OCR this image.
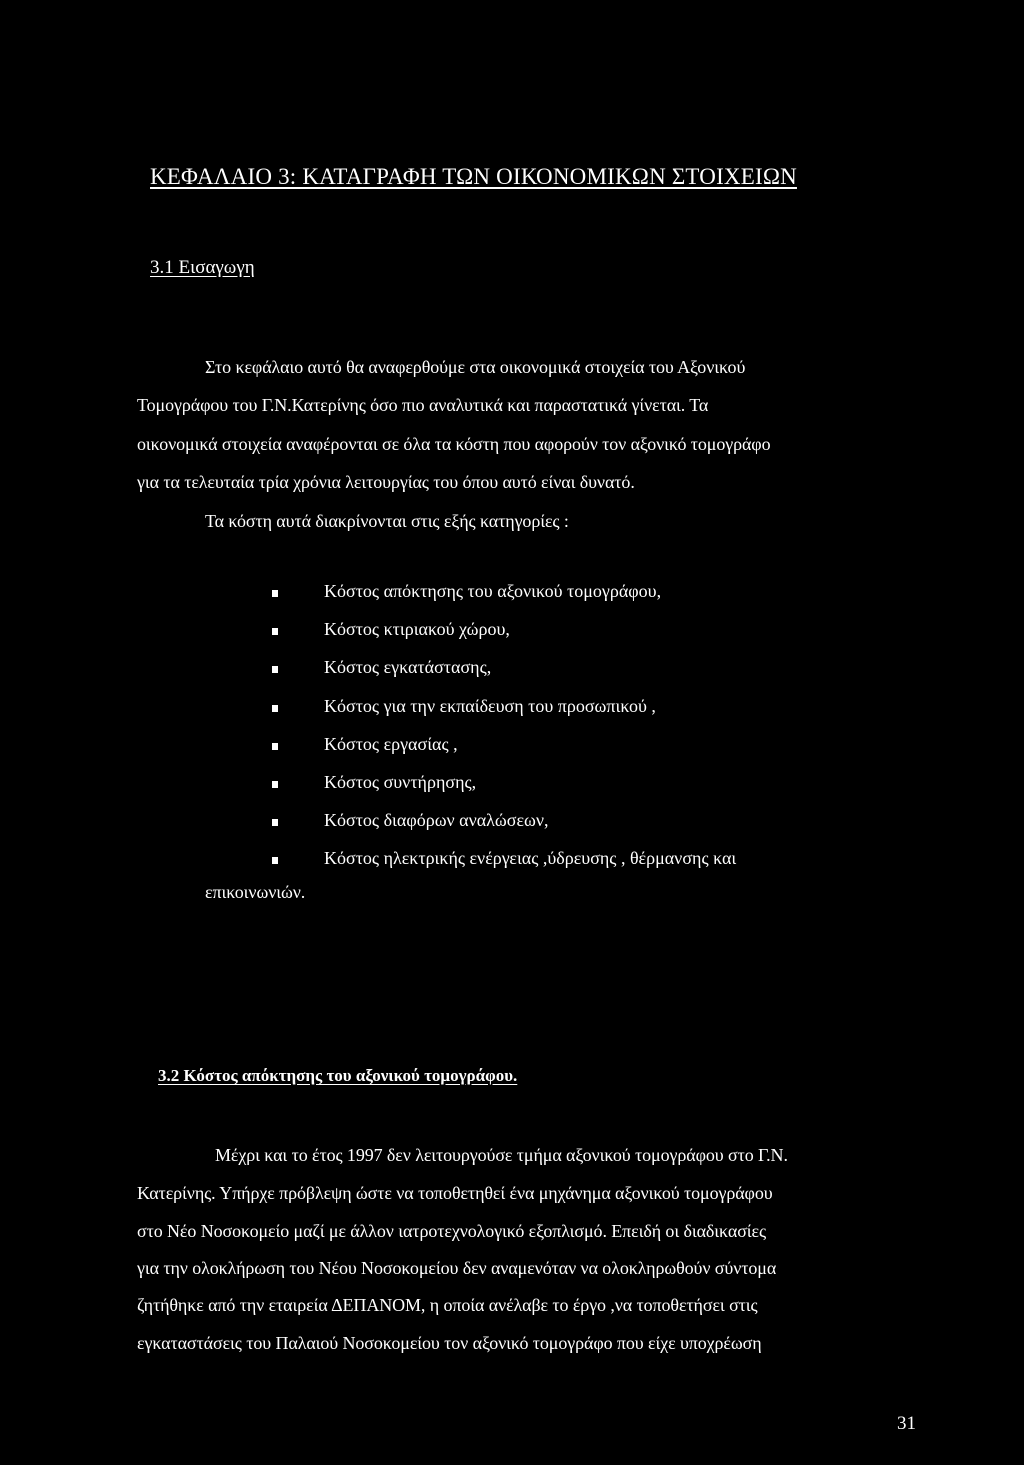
ΚΕΦΑΛΑΙΟ 3: ΚΑΤΑΓΡΑΦΗ ΤΩΝ ΟΙΚΟΝΟΜΙΚΩΝ ΣΤΟΙΧΕΙΩΝ
3.1 Εισαγωγη
Στο κεφάλαιο αυτό θα αναφερθούμε στα οικονομικά στοιχεία του Αξονικού
Τομογράφου του Γ.Ν.Κατερίνης όσο πιο αναλυτικά και παραστατικά γίνεται. Τα
οικονομικά στοιχεία αναφέρονται σε όλα τα κόστη που αφορούν τον αξονικό τομογράφο
για τα τελευταία τρία χρόνια λειτουργίας του όπου αυτό είναι δυνατό.
Τα κόστη αυτά διακρίνονται στις εξής κατηγορίες :
Κόστος απόκτησης του αξονικού τομογράφου,
Κόστος κτιριακού χώρου,
Κόστος εγκατάστασης,
Κόστος για την εκπαίδευση του προσωπικού ,
Κόστος εργασίας ,
Κόστος συντήρησης,
Κόστος διαφόρων αναλώσεων,
Κόστος ηλεκτρικής ενέργειας ,ύδρευσης , θέρμανσης και
επικοινωνιών.
3.2 Κόστος απόκτησης του αξονικού τομογράφου.
Μέχρι και το έτος 1997 δεν λειτουργούσε τμήμα αξονικού τομογράφου στο Γ.Ν.
Κατερίνης. Υπήρχε πρόβλεψη ώστε να τοποθετηθεί ένα μηχάνημα αξονικού τομογράφου
στο Νέο Νοσοκομείο μαζί με άλλον ιατροτεχνολογικό εξοπλισμό. Επειδή οι διαδικασίες
για την ολοκλήρωση του Νέου Νοσοκομείου δεν αναμενόταν να ολοκληρωθούν σύντομα
ζητήθηκε από την εταιρεία ΔΕΠΑΝΟΜ, η οποία ανέλαβε το έργο ,να τοποθετήσει στις
εγκαταστάσεις του Παλαιού Νοσοκομείου τον αξονικό τομογράφο που είχε υποχρέωση
31
